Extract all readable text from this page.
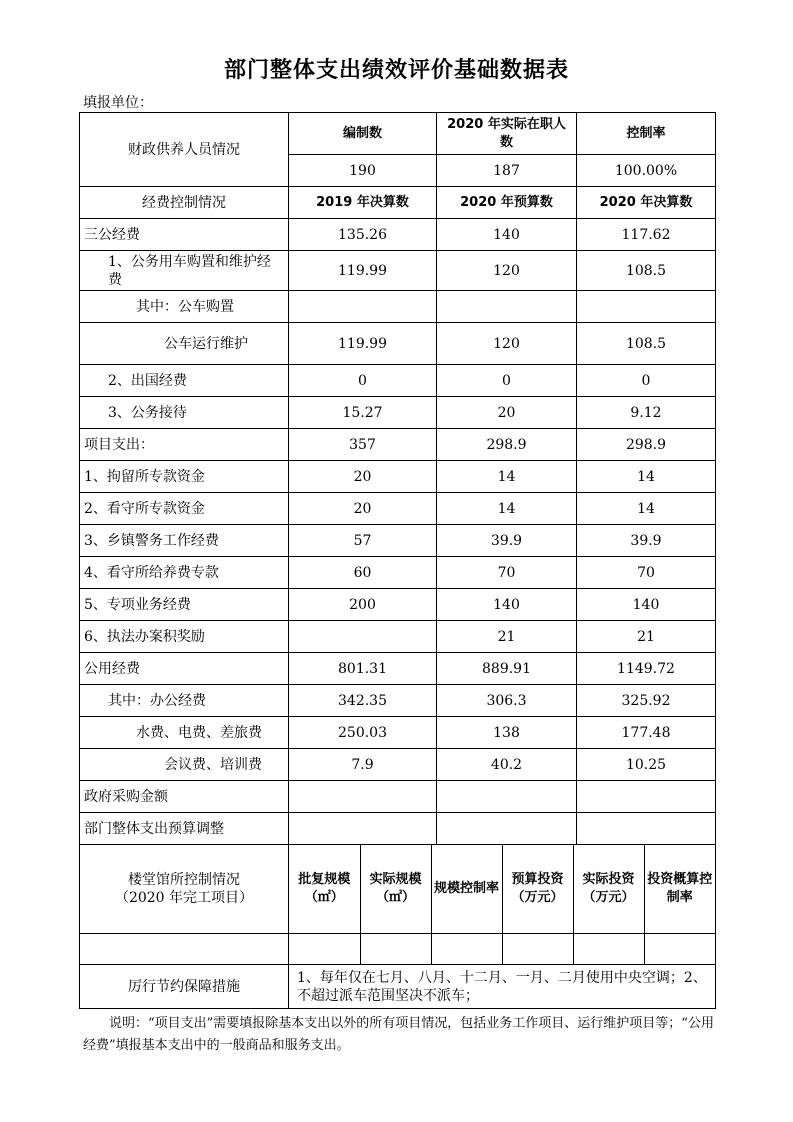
部门整体支出绩效评价基础数据表
填报单位：
财政供养人员情况	编制数	2020 年实际在职人数	控制率
190	187	100.00%
经费控制情况	2019 年决算数	2020 年预算数	2020 年决算数
三公经费	135.26	140	117.62
1、公务用车购置和维护经费	119.99	120	108.5
其中：公车购置			
公车运行维护	119.99	120	108.5
2、出国经费	0	0	0
3、公务接待	15.27	20	9.12
项目支出：	357	298.9	298.9
1、拘留所专款资金	20	14	14
2、看守所专款资金	20	14	14
3、乡镇警务工作经费	57	39.9	39.9
4、看守所给养费专款	60	70	70
5、专项业务经费	200	140	140
6、执法办案积奖励		21	21
公用经费	801.31	889.91	1149.72
其中：办公经费	342.35	306.3	325.92
水费、电费、差旅费	250.03	138	177.48
会议费、培训费	7.9	40.2	10.25
政府采购金额			
部门整体支出预算调整			

楼堂馆所控制情况
（2020 年完工项目）

批复规模（㎡）	实际规模（㎡）	规模控制率	预算投资（万元）	实际投资（万元）	投资概算控制率

厉行节约保障措施	1、每年仅在七月、八月、十二月、一月、二月使用中央空调；2、不超过派车范围坚决不派车；
说明：“项目支出”需要填报除基本支出以外的所有项目情况，包括业务工作项目、运行维护项目等；“公用经费”填报基本支出中的一般商品和服务支出。
